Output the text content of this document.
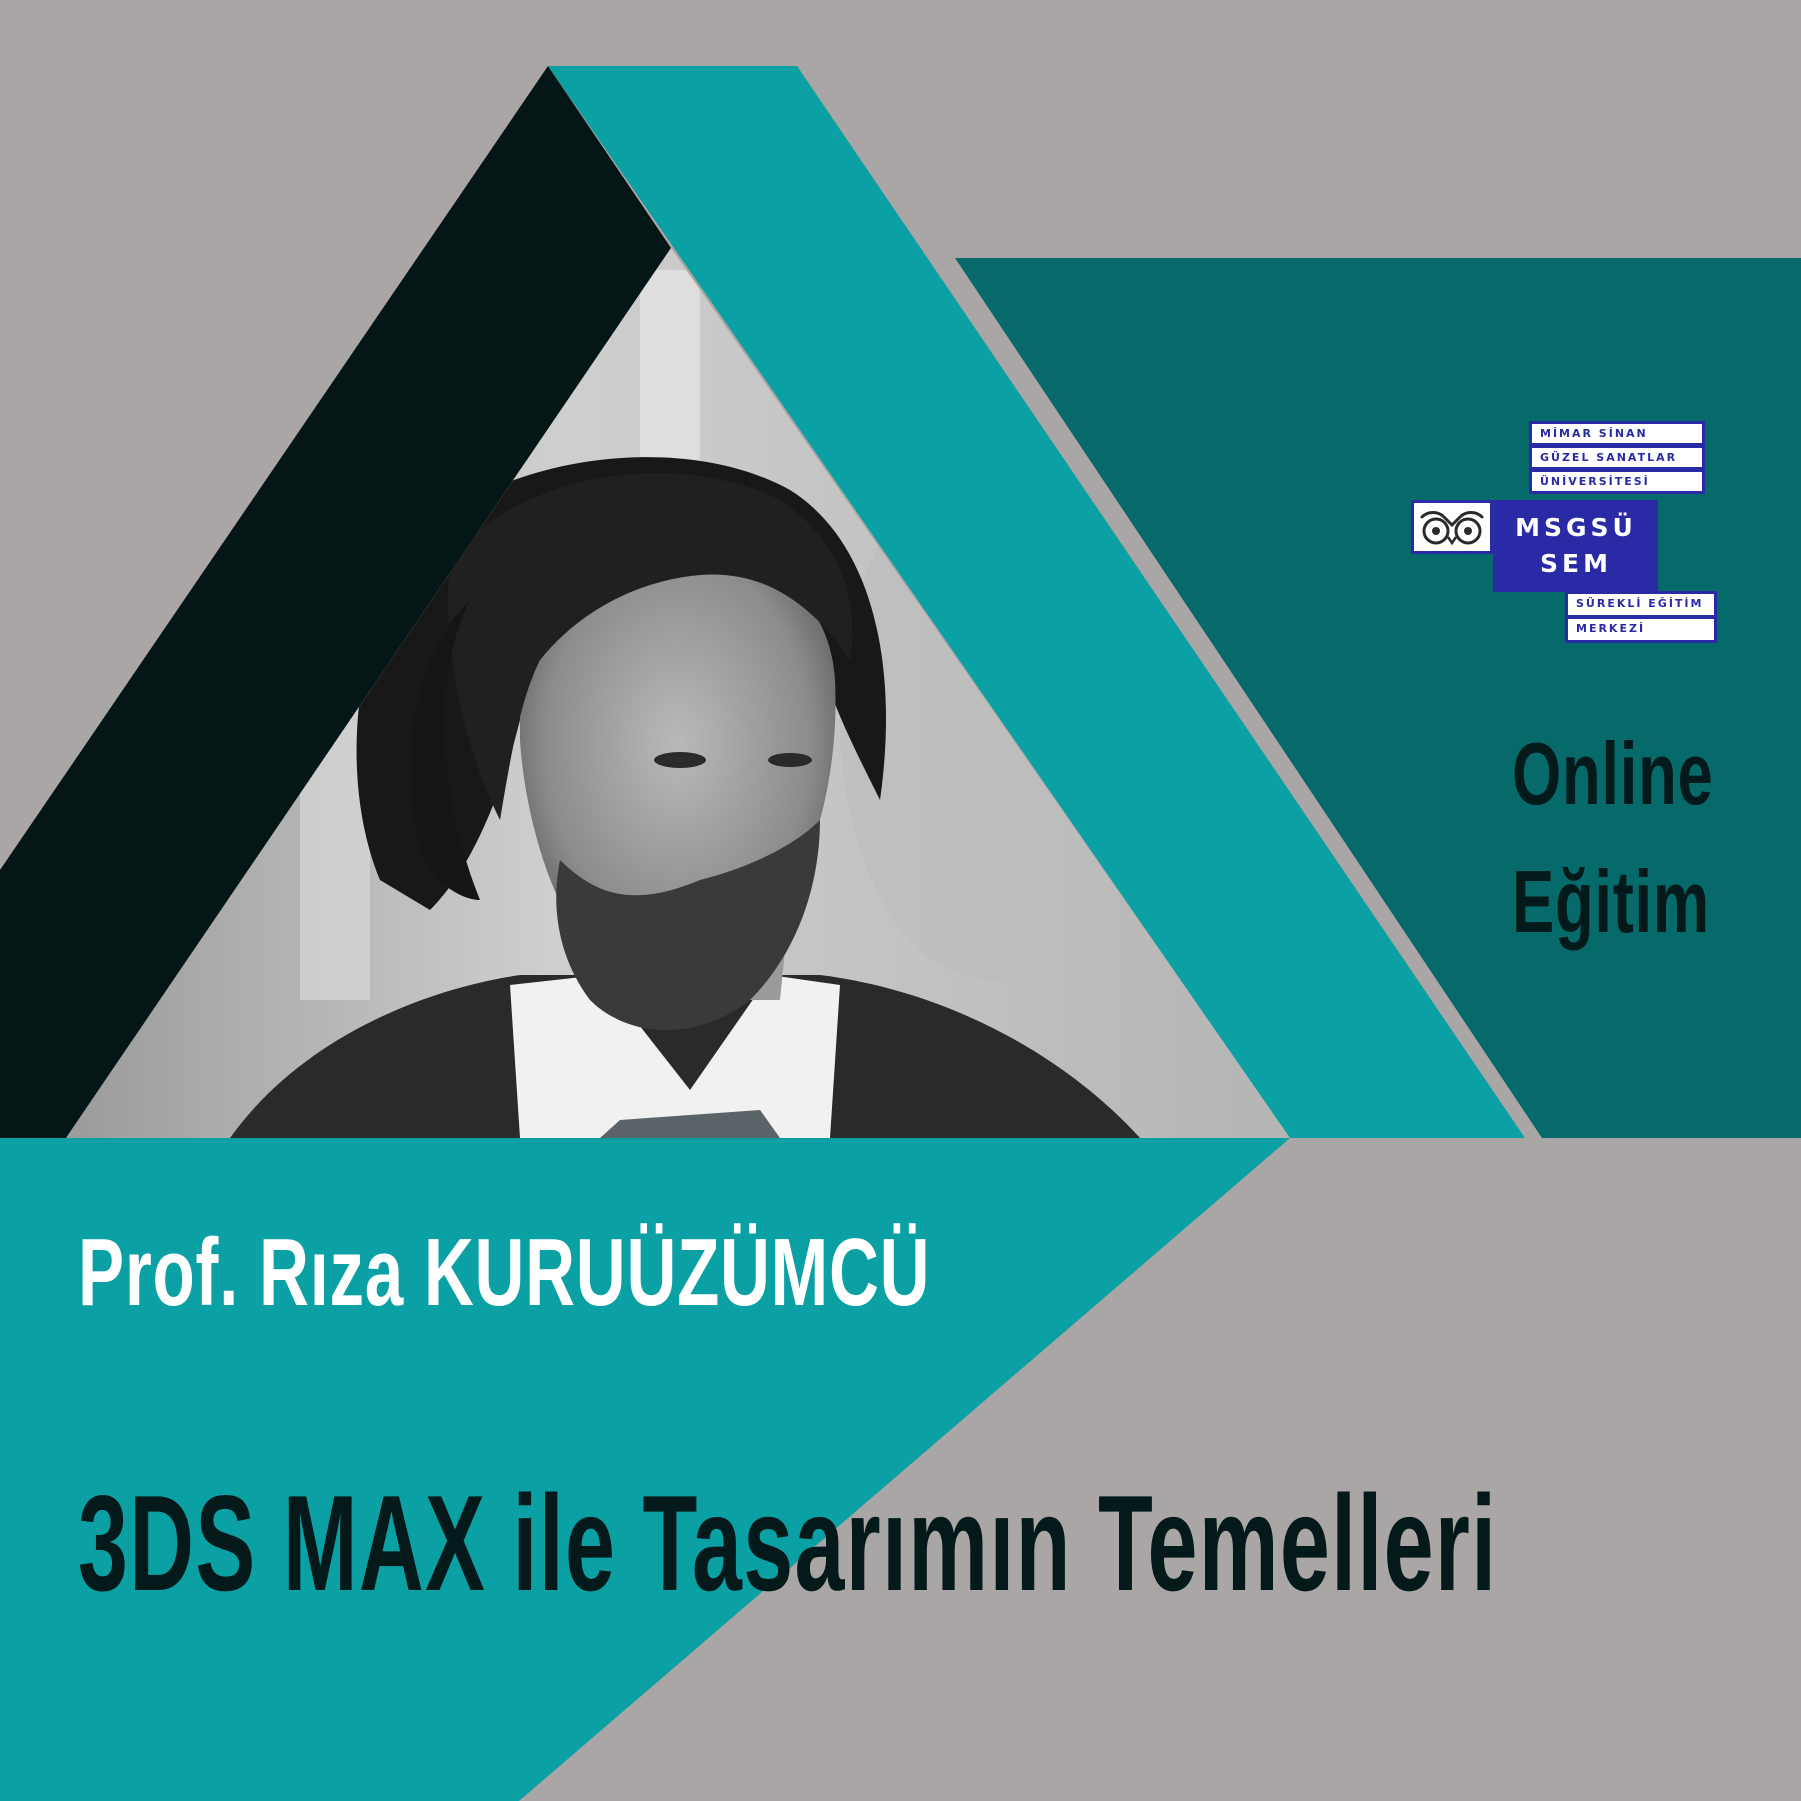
MİMAR SİNAN
GÜZEL SANATLAR
ÜNİVERSİTESİ
MSGSÜ
SEM
SÜREKLİ EĞİTİM
MERKEZİ
Online
Eğitim
Prof. Rıza KURUÜZÜMCÜ
3DS MAX ile Tasarımın Temelleri
